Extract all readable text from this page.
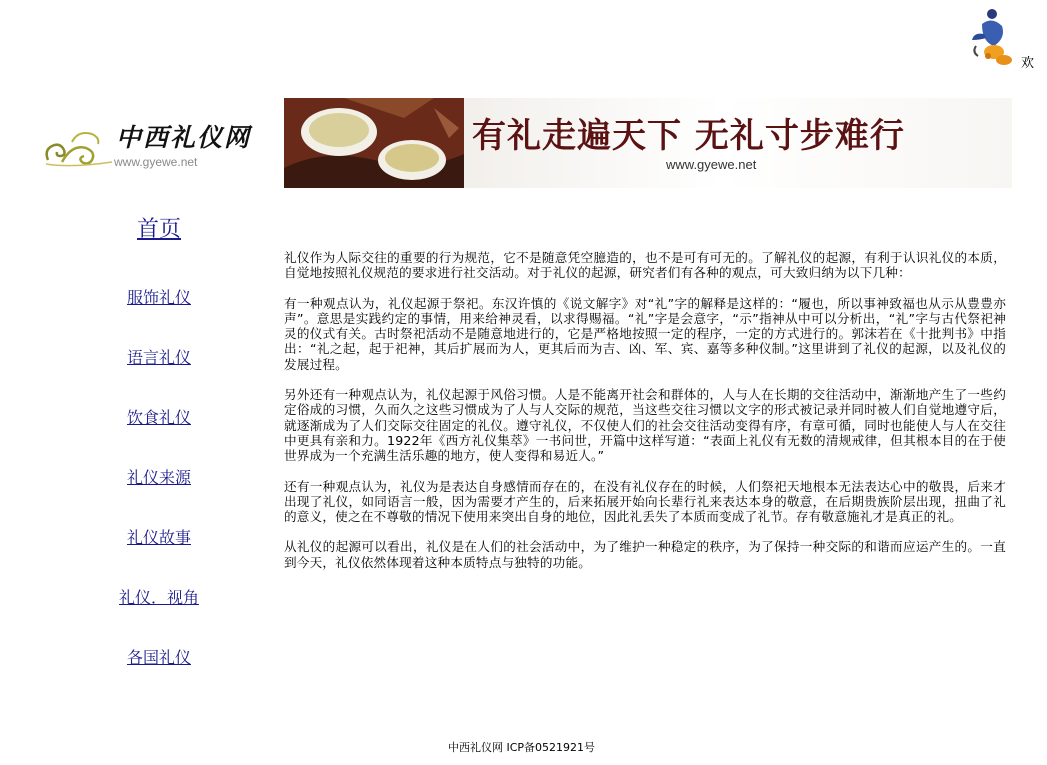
欢
中西礼仪网
www.gyewe.net
有礼走遍天下 无礼寸步难行
www.gyewe.net
首页
服饰礼仪
语言礼仪
饮食礼仪
礼仪来源
礼仪故事
礼仪．视角
各国礼仪

礼仪作为人际交往的重要的行为规范，它不是随意凭空臆造的，也不是可有可无的。了解礼仪的起源，有利于认识礼仪的本质，自觉地按照礼仪规范的要求进行社交活动。对于礼仪的起源，研究者们有各种的观点，可大致归纳为以下几种：

有一种观点认为，礼仪起源于祭祀。东汉许慎的《说文解字》对“礼”字的解释是这样的：“履也，所以事神致福也从示从豊豊亦声”。意思是实践约定的事情，用来给神灵看，以求得赐福。“礼”字是会意字，“示”指神从中可以分析出，“礼”字与古代祭祀神灵的仪式有关。古时祭祀活动不是随意地进行的，它是严格地按照一定的程序，一定的方式进行的。郭沫若在《十批判书》中指出：“礼之起，起于祀神，其后扩展而为人，更其后而为吉、凶、军、宾、嘉等多种仪制。”这里讲到了礼仪的起源，以及礼仪的发展过程。

另外还有一种观点认为，礼仪起源于风俗习惯。人是不能离开社会和群体的，人与人在长期的交往活动中，渐渐地产生了一些约定俗成的习惯，久而久之这些习惯成为了人与人交际的规范，当这些交往习惯以文字的形式被记录并同时被人们自觉地遵守后，就逐渐成为了人们交际交往固定的礼仪。遵守礼仪，不仅使人们的社会交往活动变得有序，有章可循，同时也能使人与人在交往中更具有亲和力。1922年《西方礼仪集萃》一书问世，开篇中这样写道：“表面上礼仪有无数的清规戒律，但其根本目的在于使世界成为一个充满生活乐趣的地方，使人变得和易近人。”

还有一种观点认为，礼仪为是表达自身感情而存在的，在没有礼仪存在的时候，人们祭祀天地根本无法表达心中的敬畏，后来才出现了礼仪，如同语言一般，因为需要才产生的，后来拓展开始向长辈行礼来表达本身的敬意，在后期贵族阶层出现，扭曲了礼的意义，使之在不尊敬的情况下使用来突出自身的地位，因此礼丢失了本质而变成了礼节。存有敬意施礼才是真正的礼。

从礼仪的起源可以看出，礼仪是在人们的社会活动中，为了维护一种稳定的秩序，为了保持一种交际的和谐而应运产生的。一直到今天，礼仪依然体现着这种本质特点与独特的功能。

中西礼仪网 ICP备0521921号
